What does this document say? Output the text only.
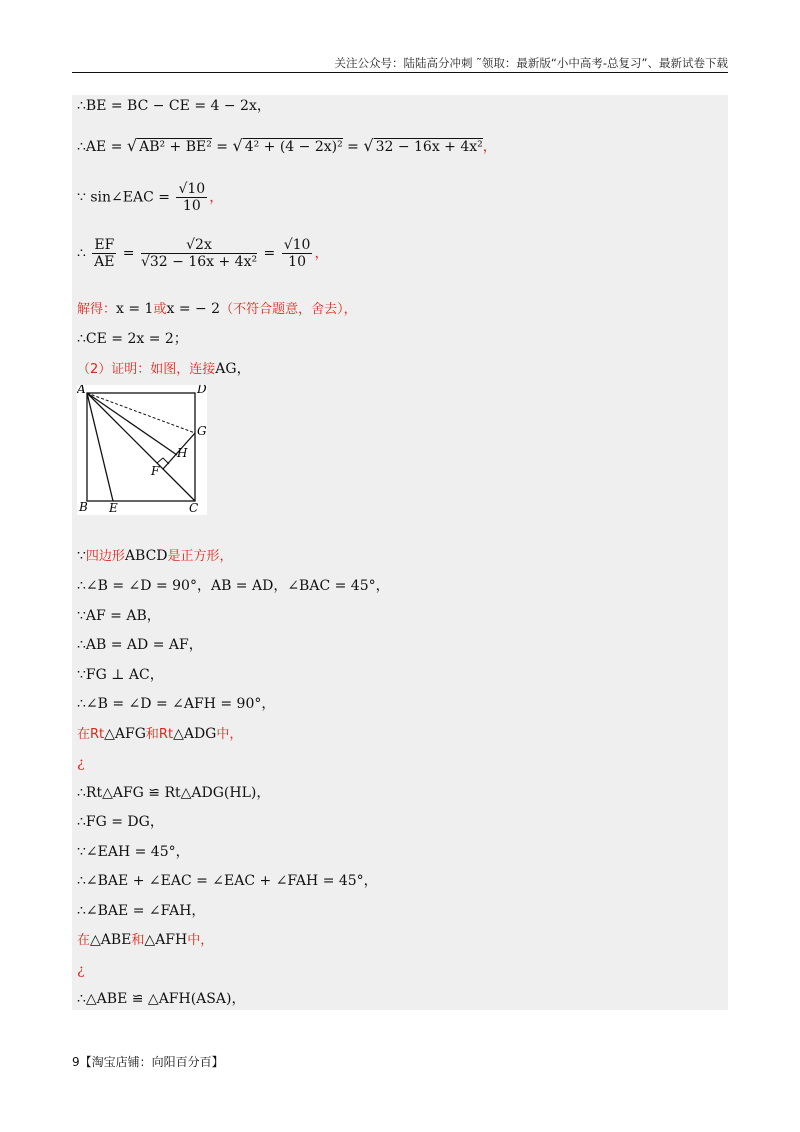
关注公众号：陆陆高分冲刺 ˜领取：最新版“小中高考-总复习”、最新试卷下载
∴BE = BC − CE = 4 − 2x，
∴AE = √ AB² + BE² = √ 4² + (4 − 2x)² = √ 32 − 16x + 4x²，
∵ sin∠EAC = $\frac{√10}{10}$ ，
∴ $\frac{EF}{AE} = \frac{√2x}{\text{√32 − 16x + 4x²}} = \frac{√10}{10}$ ，
解得：x = 1或x = − 2（不符合题意，舍去），
∴CE = 2x = 2；
（2）证明：如图，连接AG，
A	D
G
H
F
B E	C
∵四边形ABCD是正方形，
∴∠B = ∠D = 90°，AB = AD，∠BAC = 45°，
∵AF = AB，
∴AB = AD = AF，
∵FG ⊥ AC，
∴∠B = ∠D = ∠AFH = 90°，
在Rt△AFG和Rt△ADG中，
¿
∴Rt△AFG ≌ Rt△ADG(HL)，
∴FG = DG，
∵∠EAH = 45°，
∴∠BAE + ∠EAC = ∠EAC + ∠FAH = 45°，
∴∠BAE = ∠FAH，
在△ABE和△AFH中，
¿
∴△ABE ≌ △AFH(ASA)，
9【淘宝店铺：向阳百分百】
